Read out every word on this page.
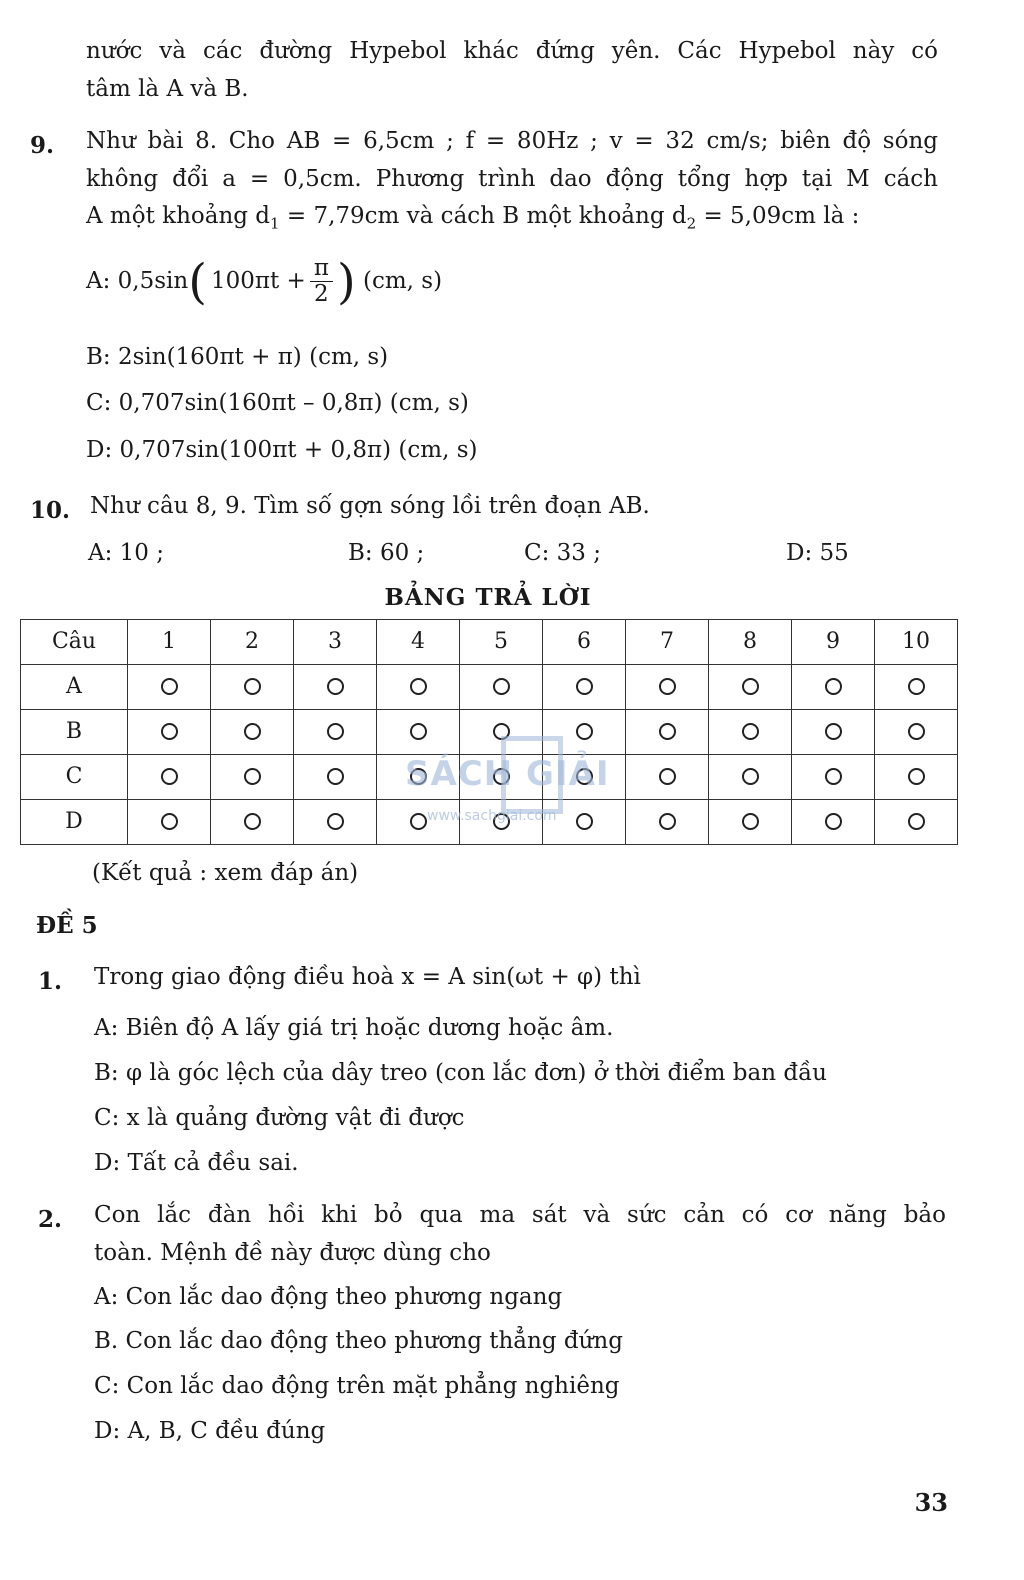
nước và các đường Hypebol khác đứng yên. Các Hypebol này có
tâm là A và B.
9. Như bài 8. Cho AB = 6,5cm ; f = 80Hz ; v = 32 cm/s; biên độ sóng
không đổi a = 0,5cm. Phương trình dao động tổng hợp tại M cách
A một khoảng $d_1 = 7,79cm$ và cách B một khoảng $d_2 = 5,09cm$ là :
A: 0,5sin( $100\pi t + \frac{\pi}{2}$ ) (cm, s)
B: 2sin(160πt + π) (cm, s)
C: 0,707sin(160πt – 0,8π) (cm, s)
D: 0,707sin(100πt + 0,8π) (cm, s)
10. Như câu 8, 9. Tìm số gợn sóng lồi trên đoạn AB.
A: 10 ;	B: 60 ;	C: 33 ;	D: 55
BẢNG TRẢ LỜI
Câu	1	2	3	4	5	6	7	8	9	10
A										
B										
C										
D										
SÁCH GIẢI
www.sachgiai.com
(Kết quả : xem đáp án)
ĐỀ 5
1. Trong giao động điều hoà x = A sin(ωt + φ) thì
A: Biên độ A lấy giá trị hoặc dương hoặc âm.
B: φ là góc lệch của dây treo (con lắc đơn) ở thời điểm ban đầu
C: x là quảng đường vật đi được
D: Tất cả đều sai.
2. Con lắc đàn hồi khi bỏ qua ma sát và sức cản có cơ năng bảo
toàn. Mệnh đề này được dùng cho
A: Con lắc dao động theo phương ngang
B. Con lắc dao động theo phương thẳng đứng
C: Con lắc dao động trên mặt phẳng nghiêng
D: A, B, C đều đúng
33
